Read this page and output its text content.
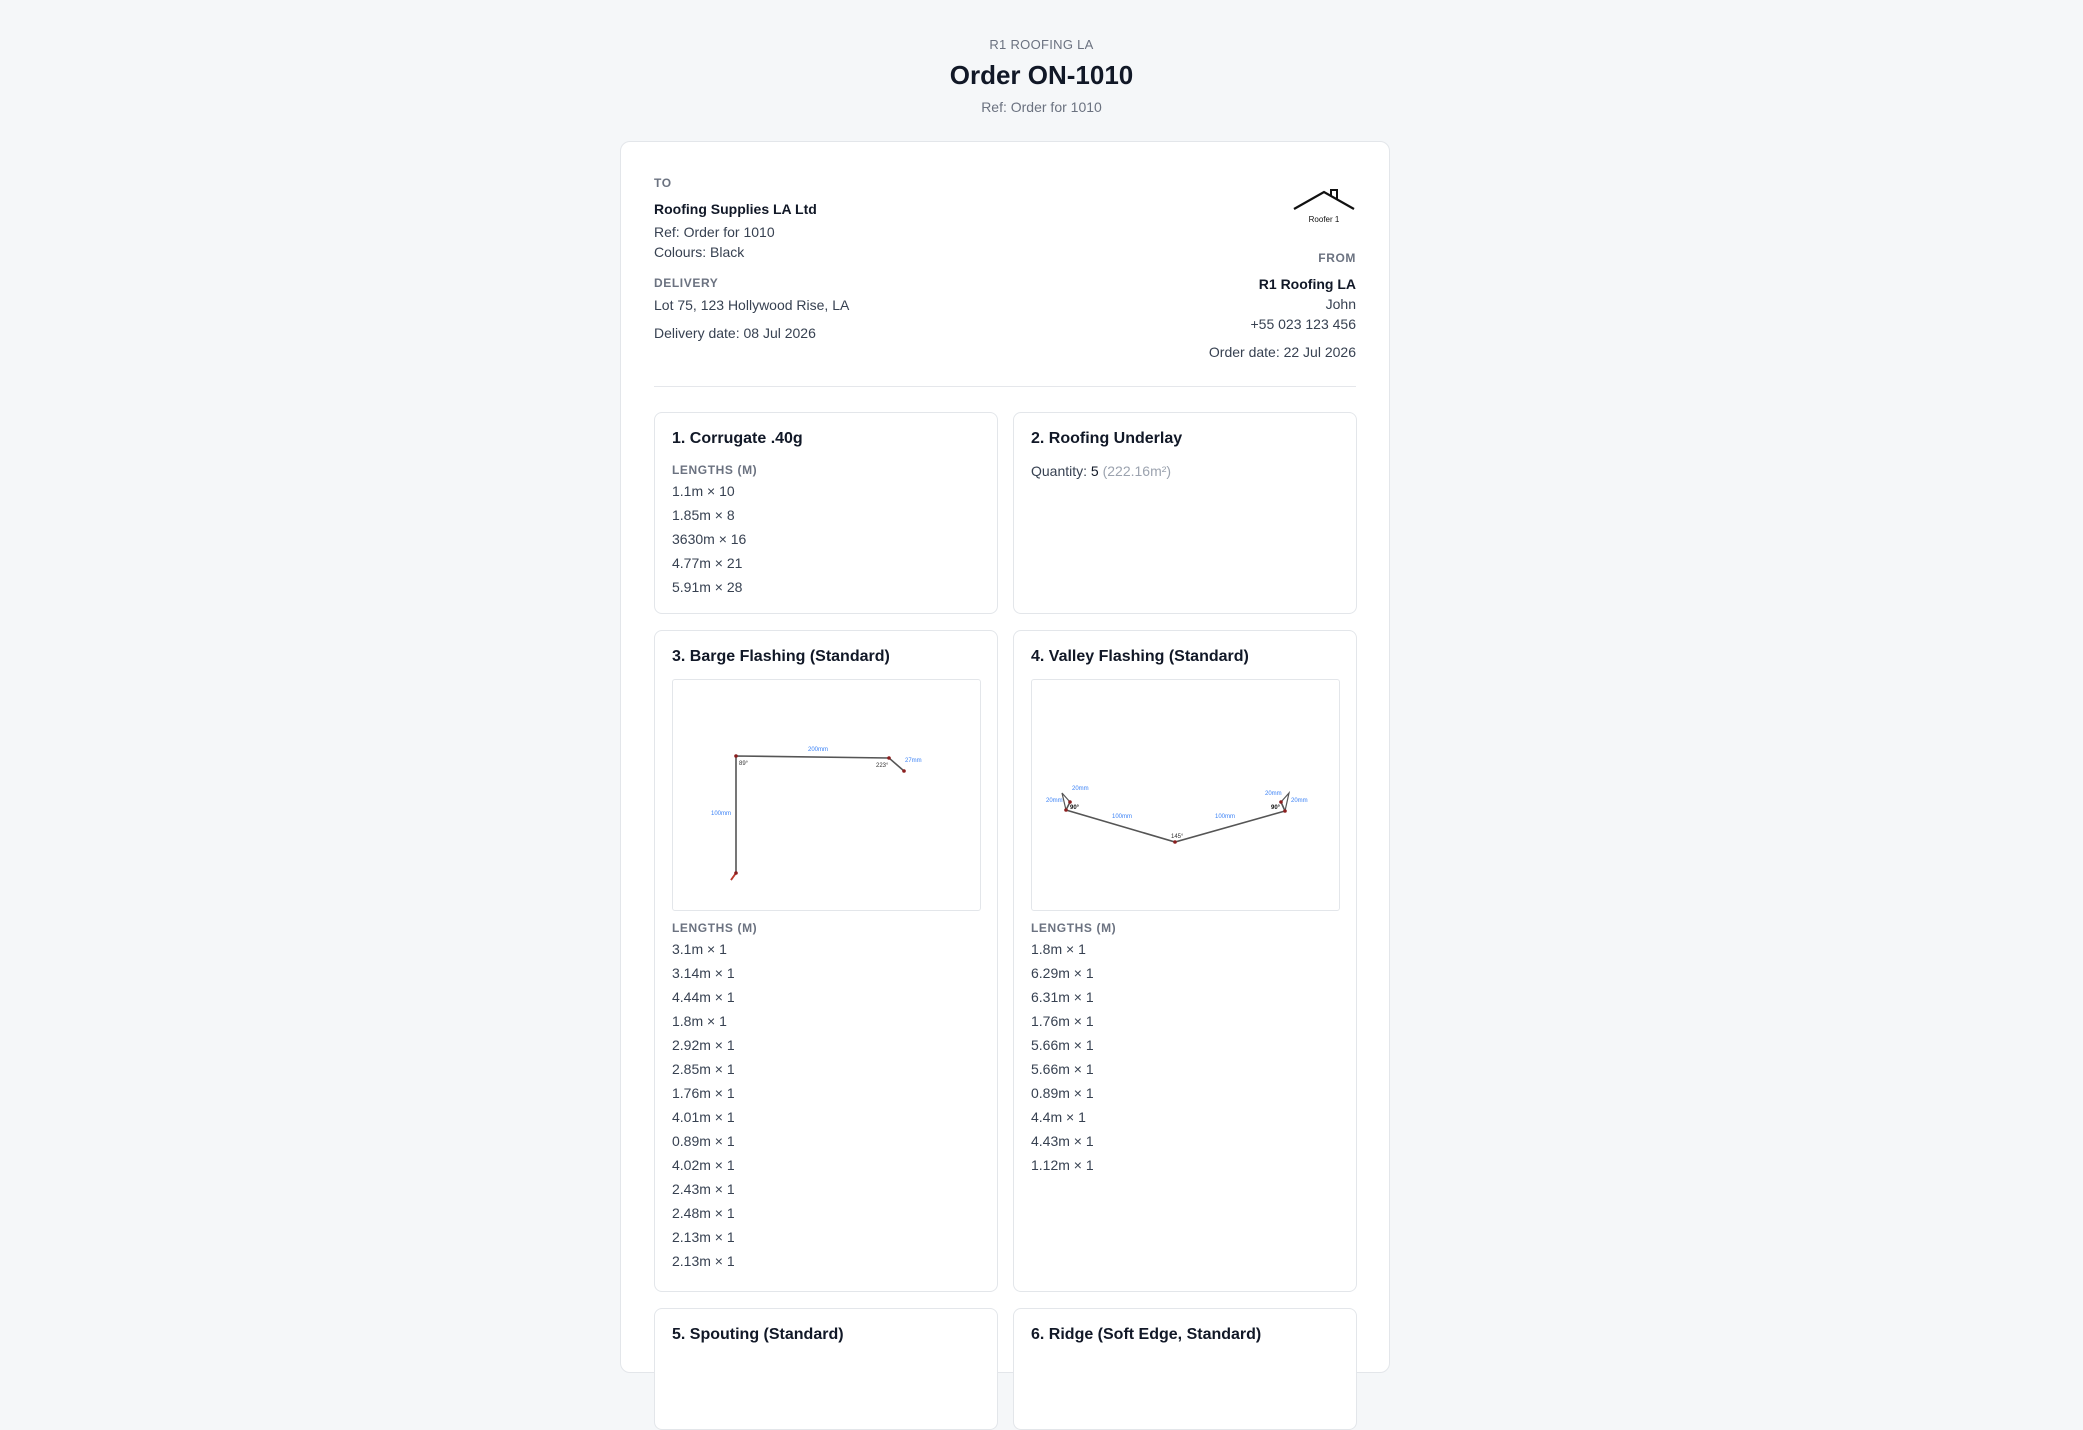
R1 ROOFING LA
Order ON-1010
Ref: Order for 1010
TO
Roofing Supplies LA Ltd
Ref: Order for 1010
Colours: Black
DELIVERY
Lot 75, 123 Hollywood Rise, LA
Delivery date: 08 Jul 2026
Roofer 1
FROM
R1 Roofing LA
John
+55 023 123 456
Order date: 22 Jul 2026
1. Corrugate .40g
LENGTHS (M)
1.1m × 10
1.85m × 8
3630m × 16
4.77m × 21
5.91m × 28
2. Roofing Underlay
Quantity: 5 (222.16m²)
3. Barge Flashing (Standard)
200mm
100mm
27mm
89°	223°
LENGTHS (M)
3.1m × 1
3.14m × 1
4.44m × 1
1.8m × 1
2.92m × 1
2.85m × 1
1.76m × 1
4.01m × 1
0.89m × 1
4.02m × 1
2.43m × 1
2.48m × 1
2.13m × 1
2.13m × 1
4. Valley Flashing (Standard)
20mm
20mm
100mm	100mm
20mm
20mm
90°
145°
90°
LENGTHS (M)
1.8m × 1
6.29m × 1
6.31m × 1
1.76m × 1
5.66m × 1
5.66m × 1
0.89m × 1
4.4m × 1
4.43m × 1
1.12m × 1
5. Spouting (Standard)	6. Ridge (Soft Edge, Standard)
